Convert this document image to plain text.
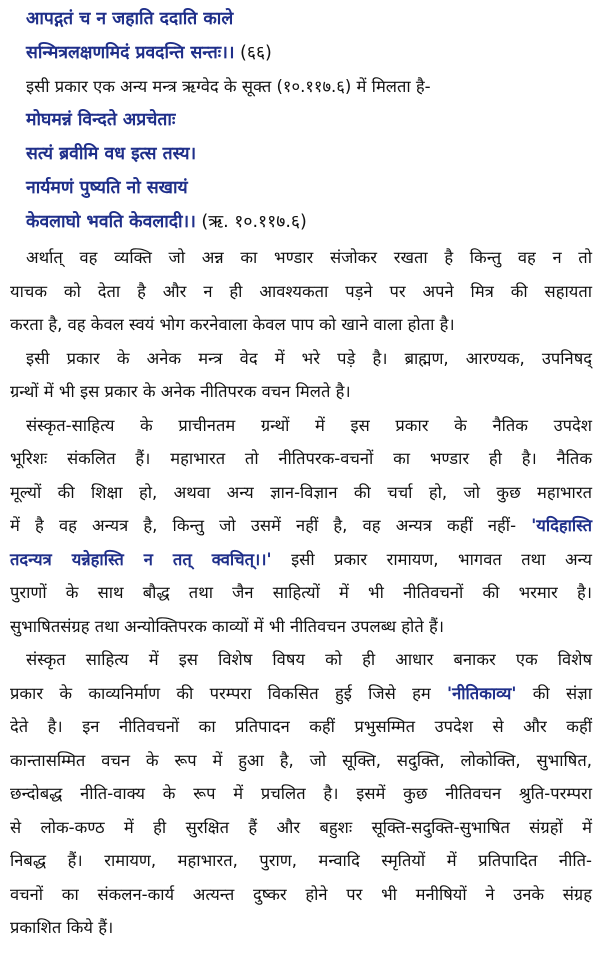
आपद्गतं च न जहाति ददाति काले
सन्मित्रलक्षणमिदं प्रवदन्ति सन्तः।। (६६)
इसी प्रकार एक अन्य मन्त्र ऋग्वेद के सूक्त (१०.११७.६) में मिलता है-
मोघमन्नं विन्दते अप्रचेताः
सत्यं ब्रवीमि वध इत्स तस्य।
नार्यमणं पुष्यति नो सखायं
केवलाघो भवति केवलादी।। (ऋ. १०.११७.६)

अर्थात् वह व्यक्ति जो अन्न का भण्डार संजोकर रखता है किन्तु वह न तो
याचक को देता है और न ही आवश्यकता पड़ने पर अपने मित्र की सहायता
करता है, वह केवल स्वयं भोग करनेवाला केवल पाप को खाने वाला होता है।

इसी प्रकार के अनेक मन्त्र वेद में भरे पड़े है। ब्राह्मण, आरण्यक, उपनिषद्
ग्रन्थों में भी इस प्रकार के अनेक नीतिपरक वचन मिलते है।

संस्कृत-साहित्य के प्राचीनतम ग्रन्थों में इस प्रकार के नैतिक उपदेश
भूरिशः संकलित हैं। महाभारत तो नीतिपरक-वचनों का भण्डार ही है। नैतिक
मूल्यों की शिक्षा हो, अथवा अन्य ज्ञान-विज्ञान की चर्चा हो, जो कुछ महाभारत
में है वह अन्यत्र है, किन्तु जो उसमें नहीं है, वह अन्यत्र कहीं नहीं- 'यदिहास्ति
तदन्यत्र यन्नेहास्ति न तत् क्वचित्।।' इसी प्रकार रामायण, भागवत तथा अन्य
पुराणों के साथ बौद्ध तथा जैन साहित्यों में भी नीतिवचनों की भरमार है।
सुभाषितसंग्रह तथा अन्योक्तिपरक काव्यों में भी नीतिवचन उपलब्ध होते हैं।

संस्कृत साहित्य में इस विशेष विषय को ही आधार बनाकर एक विशेष
प्रकार के काव्यनिर्माण की परम्परा विकसित हुई जिसे हम 'नीतिकाव्य' की संज्ञा
देते है। इन नीतिवचनों का प्रतिपादन कहीं प्रभुसम्मित उपदेश से और कहीं
कान्तासम्मित वचन के रूप में हुआ है, जो सूक्ति, सदुक्ति, लोकोक्ति, सुभाषित,
छन्दोबद्ध नीति-वाक्य के रूप में प्रचलित है। इसमें कुछ नीतिवचन श्रुति-परम्परा
से लोक-कण्ठ में ही सुरक्षित हैं और बहुशः सूक्ति-सदुक्ति-सुभाषित संग्रहों में
निबद्ध हैं। रामायण, महाभारत, पुराण, मन्वादि स्मृतियों में प्रतिपादित नीति-
वचनों का संकलन-कार्य अत्यन्त दुष्कर होने पर भी मनीषियों ने उनके संग्रह
प्रकाशित किये हैं।
